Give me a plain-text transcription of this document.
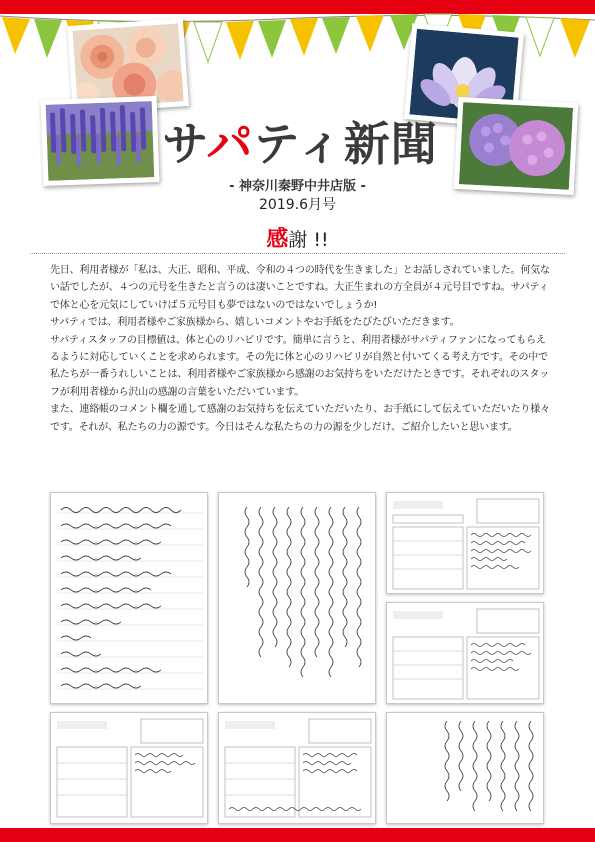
サパティ新聞
- 神奈川秦野中井店版 -
2019.6月号
感謝 !!

先日、利用者様が「私は、大正、昭和、平成、令和の４つの時代を生きました」とお話しされていました。何気ない話でしたが、４つの元号を生きたと言うのは凄いことですね。大正生まれの方全員が４元号目ですね。サパティで体と心を元気にしていけば５元号目も夢ではないのではないでしょうか!

サパティでは、利用者様やご家族様から、嬉しいコメントやお手紙をたびたびいただきます。

サパティスタッフの目標値は、体と心のリハビリです。簡単に言うと、利用者様がサパティファンになってもらえるように対応していくことを求められます。その先に体と心のリハビリが自然と付いてくる考え方です。その中で私たちが一番うれしいことは、利用者様やご家族様から感謝のお気持ちをいただけたときです。それぞれのスタッフが利用者様から沢山の感謝の言葉をいただいています。

また、連絡帳のコメント欄を通して感謝のお気持ちを伝えていただいたり、お手紙にして伝えていただいたり様々です。それが、私たちの力の源です。今日はそんな私たちの力の源を少しだけ、ご紹介したいと思います。
